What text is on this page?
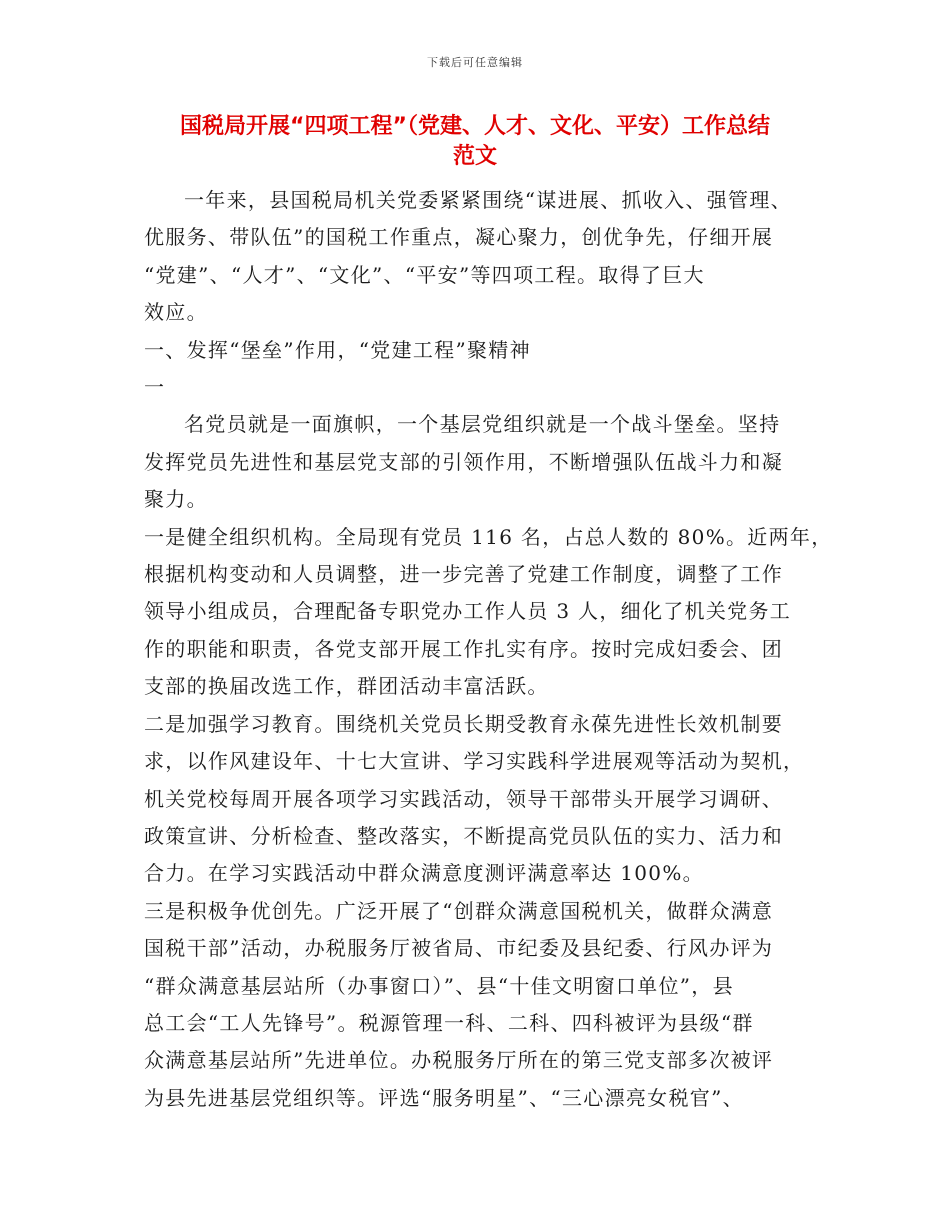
下载后可任意编辑
国税局开展“四项工程”（党建、人才、文化、平安）工作总结
范文

一年来，县国税局机关党委紧紧围绕“谋进展、抓收入、强管理、

优服务、带队伍”的国税工作重点，凝心聚力，创优争先，仔细开展

“党建”、“人才”、“文化”、“平安”等四项工程。取得了巨大

效应。

一、发挥“堡垒”作用，“党建工程”聚精神

一

名党员就是一面旗帜，一个基层党组织就是一个战斗堡垒。坚持

发挥党员先进性和基层党支部的引领作用，不断增强队伍战斗力和凝

聚力。

一是健全组织机构。全局现有党员 116 名，占总人数的 80%。近两年，

根据机构变动和人员调整，进一步完善了党建工作制度，调整了工作

领导小组成员，合理配备专职党办工作人员 3 人，细化了机关党务工

作的职能和职责，各党支部开展工作扎实有序。按时完成妇委会、团

支部的换届改选工作，群团活动丰富活跃。

二是加强学习教育。围绕机关党员长期受教育永葆先进性长效机制要

求，以作风建设年、十七大宣讲、学习实践科学进展观等活动为契机，

机关党校每周开展各项学习实践活动，领导干部带头开展学习调研、

政策宣讲、分析检查、整改落实，不断提高党员队伍的实力、活力和

合力。在学习实践活动中群众满意度测评满意率达 100%。

三是积极争优创先。广泛开展了“创群众满意国税机关，做群众满意

国税干部”活动，办税服务厅被省局、市纪委及县纪委、行风办评为

“群众满意基层站所（办事窗口）”、县“十佳文明窗口单位”，县

总工会“工人先锋号”。税源管理一科、二科、四科被评为县级“群

众满意基层站所”先进单位。办税服务厅所在的第三党支部多次被评

为县先进基层党组织等。评选“服务明星”、“三心漂亮女税官”、
